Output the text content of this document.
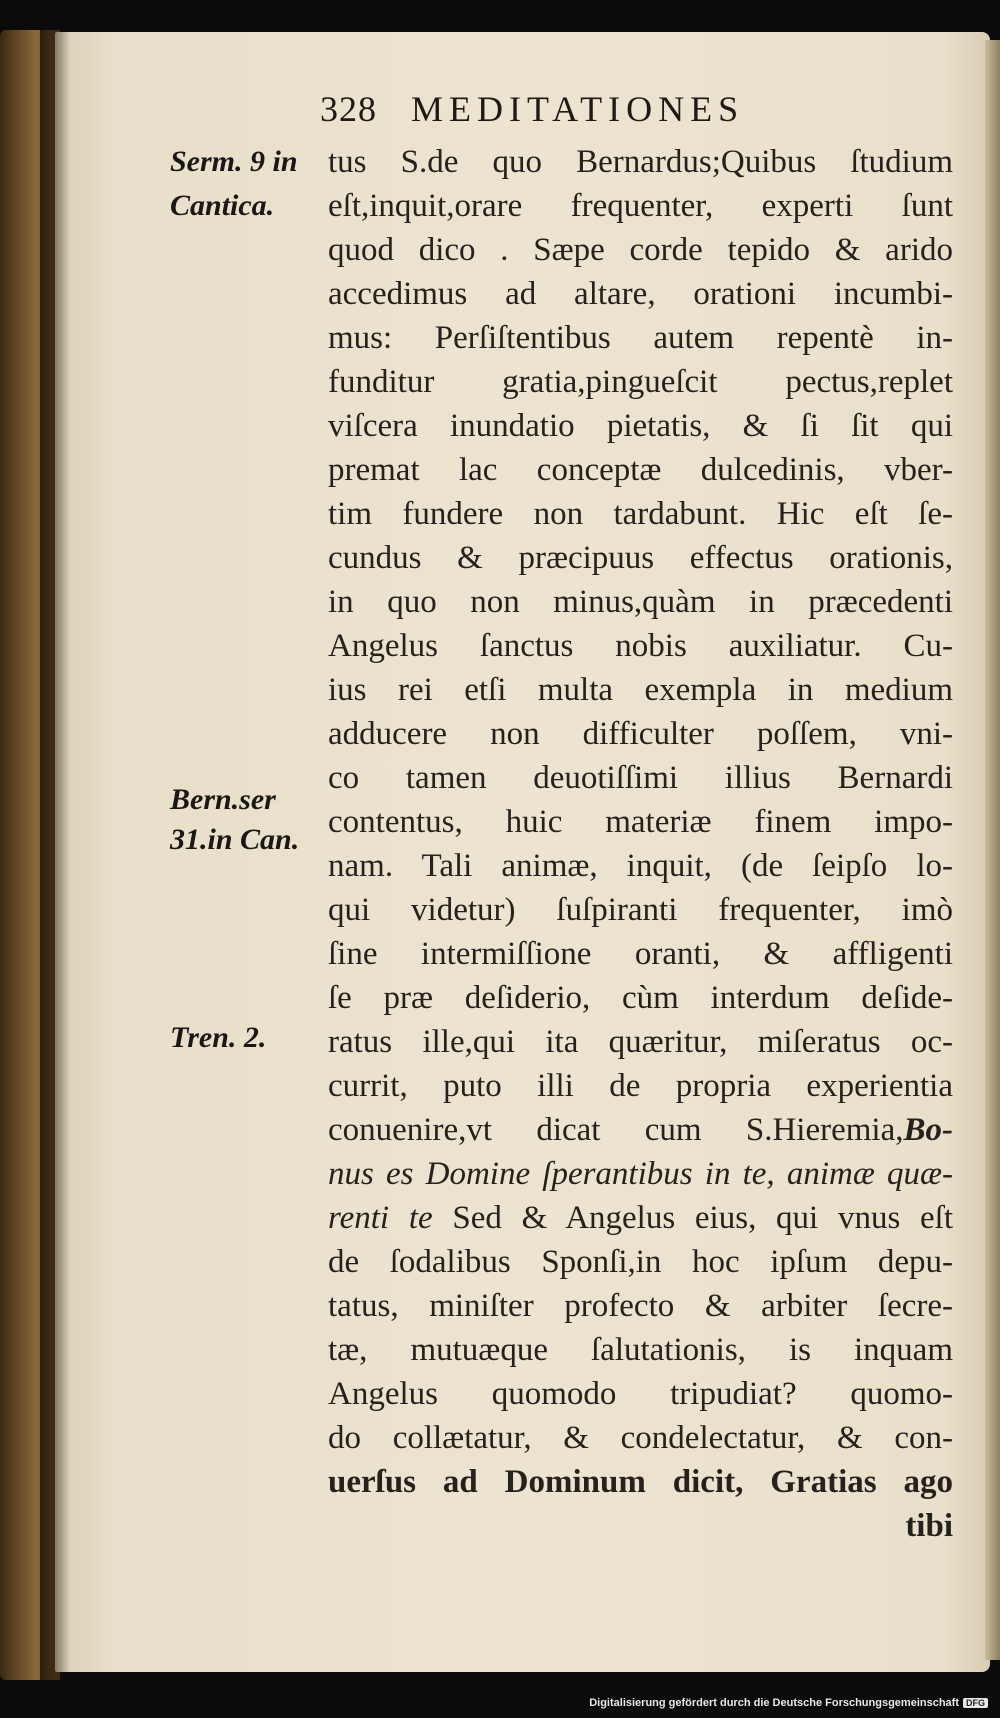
328 MEDITATIONES
Serm. 9 in
Cantica.
Bern.ser
31.in Can.
Tren. 2.
tus S.de quo Bernardus;Quibus ſtudium
eſt,inquit,orare frequenter, experti ſunt
quod dico . Sæpe corde tepido & arido
accedimus ad altare, orationi incumbi-
mus: Perſiſtentibus autem repentè in-
funditur gratia,pingueſcit pectus,replet
viſcera inundatio pietatis, & ſi ſit qui
premat lac conceptæ dulcedinis, vber-
tim fundere non tardabunt. Hic eſt ſe-
cundus & præcipuus effectus orationis,
in quo non minus,quàm in præcedenti
Angelus ſanctus nobis auxiliatur. Cu-
ius rei etſi multa exempla in medium
adducere non difficulter poſſem, vni-
co tamen deuotiſſimi illius Bernardi
contentus, huic materiæ finem impo-
nam. Tali animæ, inquit, (de ſeipſo lo-
qui videtur) ſuſpiranti frequenter, imò
ſine intermiſſione oranti, & affligenti
ſe præ deſiderio, cùm interdum deſide-
ratus ille,qui ita quæritur, miſeratus oc-
currit, puto illi de propria experientia
conuenire,vt dicat cum S.Hieremia,Bo-
nus es Domine ſperantibus in te, animæ quæ-
renti te Sed & Angelus eius, qui vnus eſt
de ſodalibus Sponſi,in hoc ipſum depu-
tatus, miniſter profecto & arbiter ſecre-
tæ, mutuæque ſalutationis, is inquam
Angelus quomodo tripudiat? quomo-
do collætatur, & condelectatur, & con-
uerſus ad Dominum dicit, Gratias ago
tibi
Digitalisierung gefördert durch die Deutsche Forschungsgemeinschaft DFG
